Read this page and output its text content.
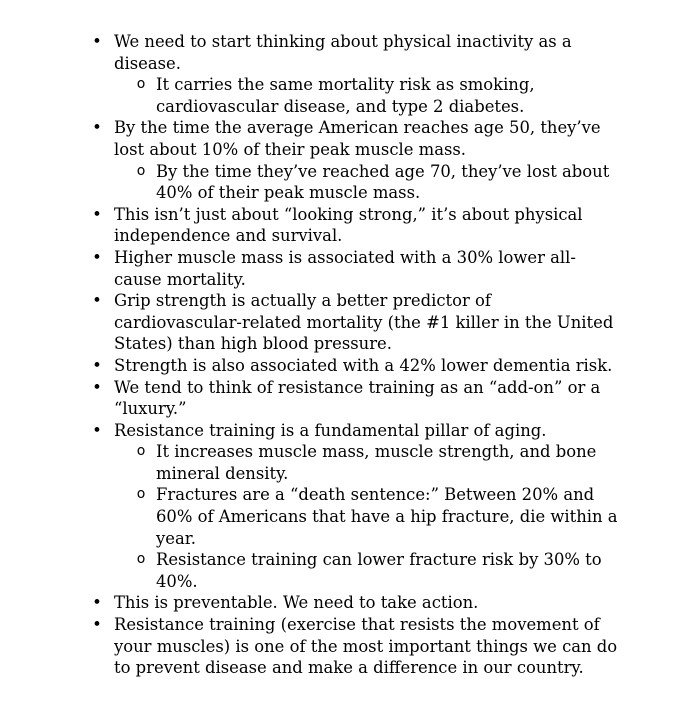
• We need to start thinking about physical inactivity as a disease.
o It carries the same mortality risk as smoking, cardiovascular disease, and type 2 diabetes.
• By the time the average American reaches age 50, they’ve lost about 10% of their peak muscle mass.
o By the time they’ve reached age 70, they’ve lost about 40% of their peak muscle mass.
• This isn’t just about “looking strong,” it’s about physical independence and survival.
• Higher muscle mass is associated with a 30% lower all-cause mortality.
• Grip strength is actually a better predictor of cardiovascular-related mortality (the #1 killer in the United States) than high blood pressure.
• Strength is also associated with a 42% lower dementia risk.
• We tend to think of resistance training as an “add-on” or a “luxury.”
• Resistance training is a fundamental pillar of aging.
o It increases muscle mass, muscle strength, and bone mineral density.
o Fractures are a “death sentence:” Between 20% and 60% of Americans that have a hip fracture, die within a year.
o Resistance training can lower fracture risk by 30% to 40%.
• This is preventable. We need to take action.
• Resistance training (exercise that resists the movement of your muscles) is one of the most important things we can do to prevent disease and make a difference in our country.
